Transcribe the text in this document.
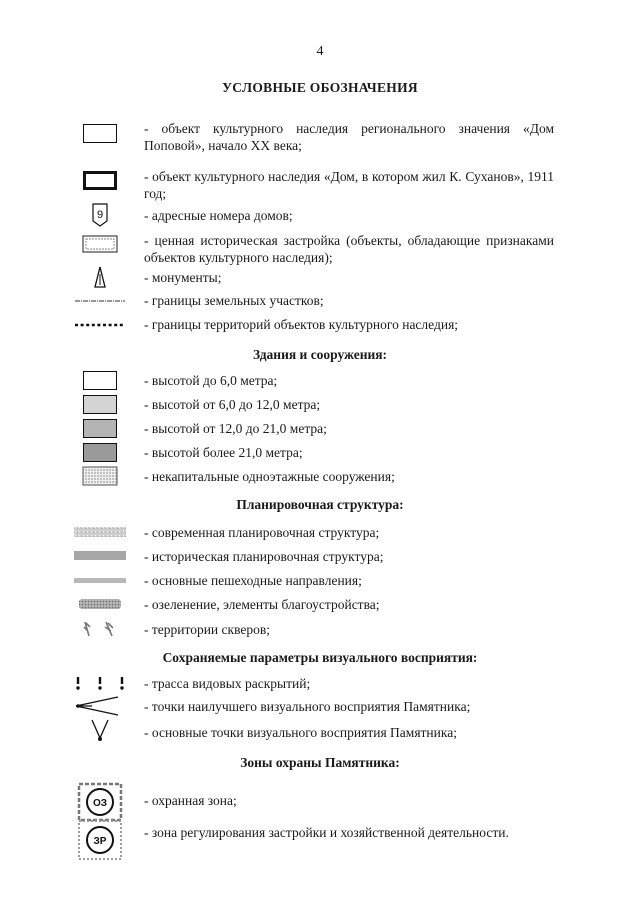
4
УСЛОВНЫЕ ОБОЗНАЧЕНИЯ
- объект культурного наследия регионального значения «Дом Поповой», начало XX века;
- объект культурного наследия «Дом, в котором жил К. Суханов», 1911 год;
9	- адресные номера домов;
- ценная историческая застройка (объекты, обладающие признаками объектов культурного наследия);
- монументы;
- границы земельных участков;
- границы территорий объектов культурного наследия;
Здания и сооружения:
- высотой до 6,0 метра;
- высотой от 6,0 до 12,0 метра;
- высотой от 12,0 до 21,0 метра;
- высотой более 21,0 метра;
- некапитальные одноэтажные сооружения;
Планировочная структура:
- современная планировочная структура;
- историческая планировочная структура;
- основные пешеходные направления;
- озеленение, элементы благоустройства;
- территории скверов;
Сохраняемые параметры визуального восприятия:
- трасса видовых раскрытий;
- точки наилучшего визуального восприятия Памятника;
- основные точки визуального восприятия Памятника;
Зоны охраны Памятника:
ОЗ	- охранная зона;
ЗР
- зона регулирования застройки и хозяйственной деятельности.
